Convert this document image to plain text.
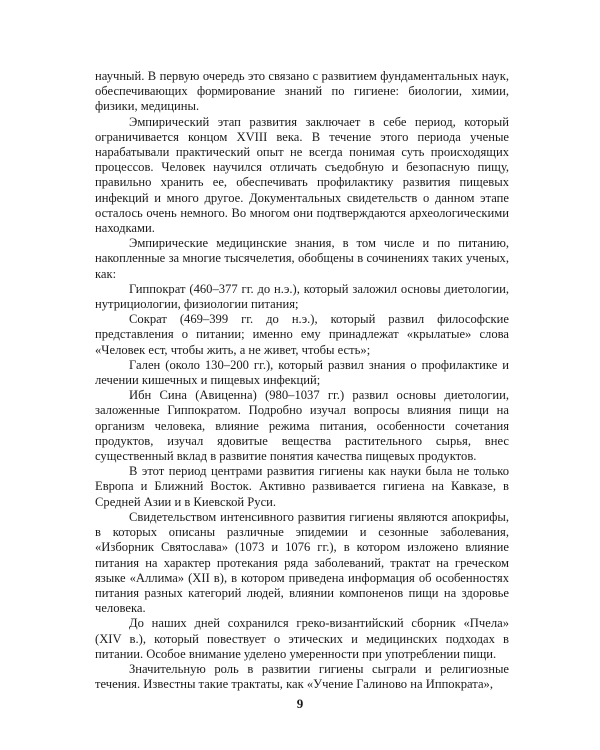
научный. В первую очередь это связано с развитием фундаментальных наук, обеспечивающих формирование знаний по гигиене: биологии, химии, физики, медицины.

Эмпирический этап развития заключает в себе период, который ограничивается концом XVIII века. В течение этого периода ученые нарабатывали практический опыт не всегда понимая суть происходящих процессов. Человек научился отличать съедобную и безопасную пищу, правильно хранить ее, обеспечивать профилактику развития пищевых инфекций и много другое. Документальных свидетельств о данном этапе осталось очень немного. Во многом они подтверждаются археологическими находками.

Эмпирические медицинские знания, в том числе и по питанию, накопленные за многие тысячелетия, обобщены в сочинениях таких ученых, как:

Гиппократ (460–377 гг. до н.э.), который заложил основы диетологии, нутрициологии, физиологии питания;

Сократ (469–399 гг. до н.э.), который развил философские представления о питании; именно ему принадлежат «крылатые» слова «Человек ест, чтобы жить, а не живет, чтобы есть»;

Гален (около 130–200 гг.), который развил знания о профилактике и лечении кишечных и пищевых инфекций;

Ибн Сина (Авиценна) (980–1037 гг.) развил основы диетологии, заложенные Гиппократом. Подробно изучал вопросы влияния пищи на организм человека, влияние режима питания, особенности сочетания продуктов, изучал ядовитые вещества растительного сырья, внес существенный вклад в развитие понятия качества пищевых продуктов.

В этот период центрами развития гигиены как науки была не только Европа и Ближний Восток. Активно развивается гигиена на Кавказе, в Средней Азии и в Киевской Руси.

Свидетельством интенсивного развития гигиены являются апокрифы, в которых описаны различные эпидемии и сезонные заболевания, «Изборник Святослава» (1073 и 1076 гг.), в котором изложено влияние питания на характер протекания ряда заболеваний, трактат на греческом языке «Аллима» (XII в), в котором приведена информация об особенностях питания разных категорий людей, влиянии компоненов пищи на здоровье человека.

До наших дней сохранился греко-византийский сборник «Пчела» (XIV в.), который повествует о этических и медицинских подходах в питании. Особое внимание уделено умеренности при употреблении пищи.

Значительную роль в развитии гигиены сыграли и религиозные течения. Известны такие трактаты, как «Учение Галиново на Иппократа»,

9
